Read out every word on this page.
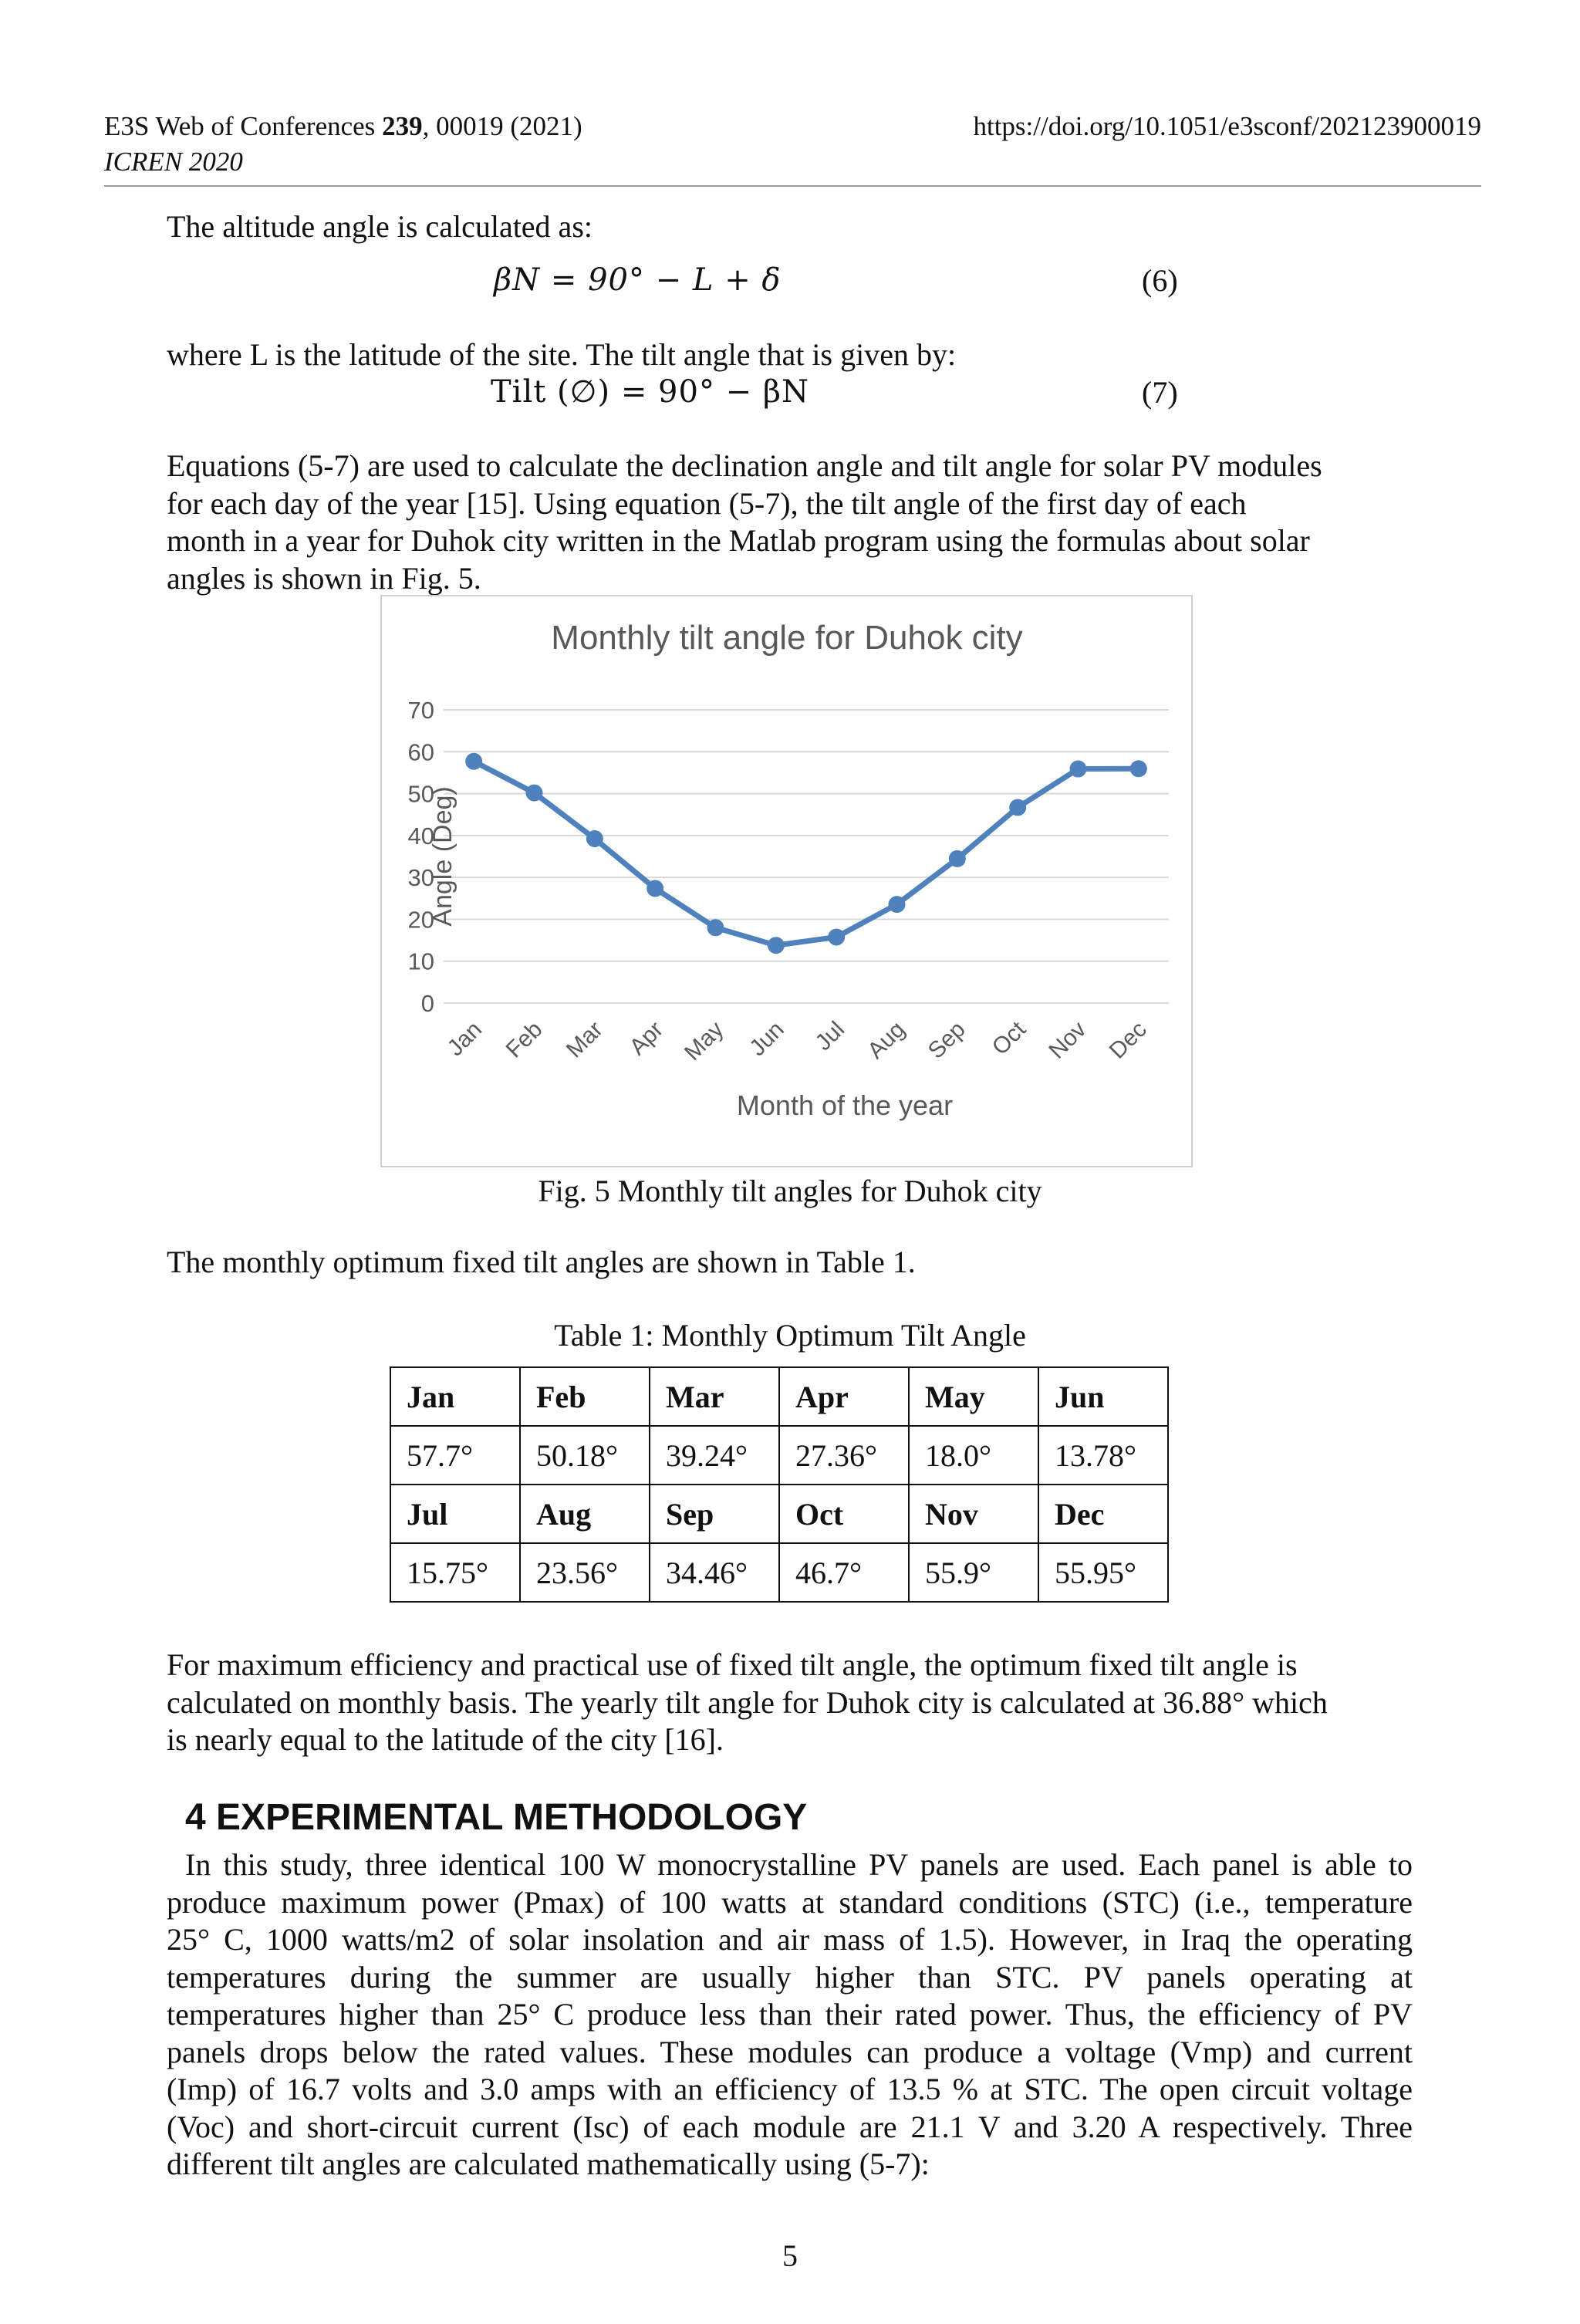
E3S Web of Conferences 239, 00019 (2021)
ICREN 2020
https://doi.org/10.1051/e3sconf/202123900019
The altitude angle is calculated as:
βN = 90° − L + δ	(6)
where L is the latitude of the site. The tilt angle that is given by:
Tilt (∅) = 90° − βN	(7)
Equations (5-7) are used to calculate the declination angle and tilt angle for solar PV modules
for each day of the year [15]. Using equation (5-7), the tilt angle of the first day of each
month in a year for Duhok city written in the Matlab program using the formulas about solar
angles is shown in Fig. 5.
Monthly tilt angle for Duhok city
0
10
20
30
40
50
60
70
Angle (Deg)
Jan Feb Mar Apr May Jun Jul Aug Sep Oct Nov Dec
Month of the year
Fig. 5 Monthly tilt angles for Duhok city
The monthly optimum fixed tilt angles are shown in Table 1.
Table 1: Monthly Optimum Tilt Angle
Jan	Feb	Mar	Apr	May	Jun
57.7°	50.18°	39.24°	27.36°	18.0°	13.78°
Jul	Aug	Sep	Oct	Nov	Dec
15.75°	23.56°	34.46°	46.7°	55.9°	55.95°
For maximum efficiency and practical use of fixed tilt angle, the optimum fixed tilt angle is
calculated on monthly basis. The yearly tilt angle for Duhok city is calculated at 36.88° which
is nearly equal to the latitude of the city [16].
4 EXPERIMENTAL METHODOLOGY
In this study, three identical 100 W monocrystalline PV panels are used. Each panel is able to
produce maximum power (Pmax) of 100 watts at standard conditions (STC) (i.e., temperature
25° C, 1000 watts/m2 of solar insolation and air mass of 1.5). However, in Iraq the operating
temperatures during the summer are usually higher than STC. PV panels operating at
temperatures higher than 25° C produce less than their rated power. Thus, the efficiency of PV
panels drops below the rated values. These modules can produce a voltage (Vmp) and current
(Imp) of 16.7 volts and 3.0 amps with an efficiency of 13.5 % at STC. The open circuit voltage
(Voc) and short-circuit current (Isc) of each module are 21.1 V and 3.20 A respectively. Three
different tilt angles are calculated mathematically using (5-7):
5
